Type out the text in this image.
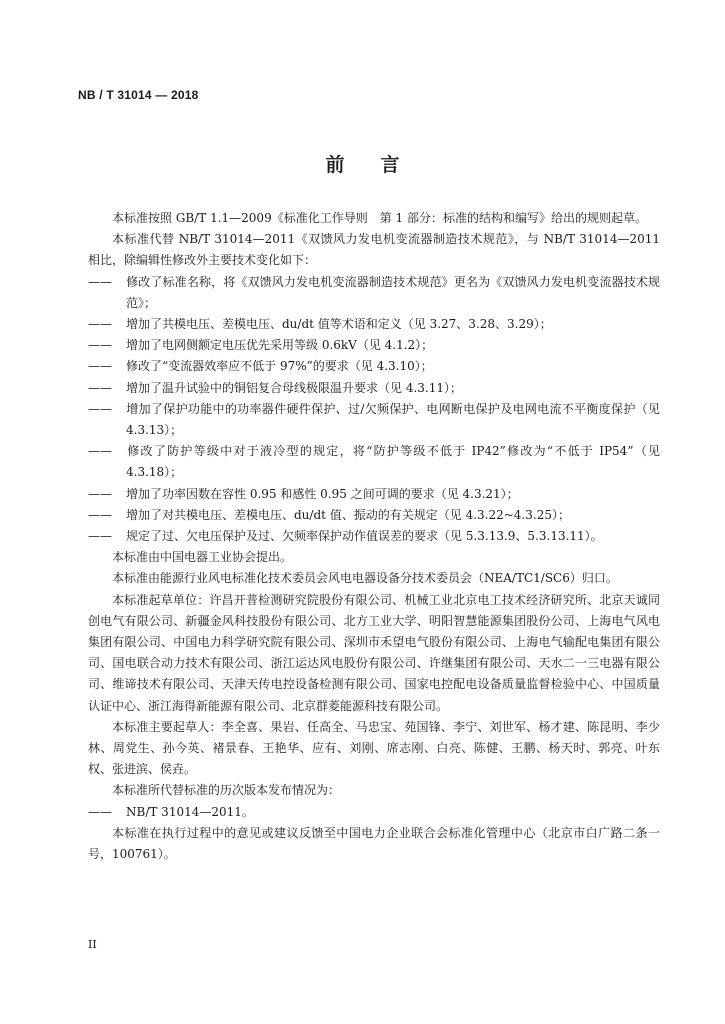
NB / T 31014 — 2018
前言

本标准按照 GB/T 1.1—2009《标准化工作导则　第 1 部分：标准的结构和编写》给出的规则起草。

本标准代替 NB/T 31014—2011《双馈风力发电机变流器制造技术规范》，与 NB/T 31014—2011 相比，除编辑性修改外主要技术变化如下：

—— 修改了标准名称，将《双馈风力发电机变流器制造技术规范》更名为《双馈风力发电机变流器技术规范》；

—— 增加了共模电压、差模电压、du/dt 值等术语和定义（见 3.27、3.28、3.29）；

—— 增加了电网侧额定电压优先采用等级 0.6kV（见 4.1.2）；

—— 修改了“变流器效率应不低于 97%”的要求（见 4.3.10）；

—— 增加了温升试验中的铜铝复合母线极限温升要求（见 4.3.11）；

—— 增加了保护功能中的功率器件硬件保护、过/欠频保护、电网断电保护及电网电流不平衡度保护（见 4.3.13）；

—— 修改了防护等级中对于液冷型的规定，将“防护等级不低于 IP42”修改为“不低于 IP54”（见 4.3.18）；

—— 增加了功率因数在容性 0.95 和感性 0.95 之间可调的要求（见 4.3.21）；

—— 增加了对共模电压、差模电压、du/dt 值、振动的有关规定（见 4.3.22~4.3.25）；

—— 规定了过、欠电压保护及过、欠频率保护动作值误差的要求（见 5.3.13.9、5.3.13.11）。

本标准由中国电器工业协会提出。

本标准由能源行业风电标准化技术委员会风电电器设备分技术委员会（NEA/TC1/SC6）归口。

本标准起草单位：许昌开普检测研究院股份有限公司、机械工业北京电工技术经济研究所、北京天诚同创电气有限公司、新疆金风科技股份有限公司、北方工业大学、明阳智慧能源集团股份公司、上海电气风电集团有限公司、中国电力科学研究院有限公司、深圳市禾望电气股份有限公司、上海电气输配电集团有限公司、国电联合动力技术有限公司、浙江运达风电股份有限公司、许继集团有限公司、天水二一三电器有限公司、维谛技术有限公司、天津天传电控设备检测有限公司、国家电控配电设备质量监督检验中心、中国质量认证中心、浙江海得新能源有限公司、北京群菱能源科技有限公司。

本标准主要起草人：李全喜、果岩、任高全、马忠宝、苑国锋、李宁、刘世军、杨才建、陈昆明、李少林、周党生、孙今英、褚景春、王艳华、应有、刘刚、席志刚、白亮、陈健、王鹏、杨天时、郭亮、叶东权、张进滨、侯垚。

本标准所代替标准的历次版本发布情况为：

—— NB/T 31014—2011。

本标准在执行过程中的意见或建议反馈至中国电力企业联合会标准化管理中心（北京市白广路二条一号，100761）。

II
